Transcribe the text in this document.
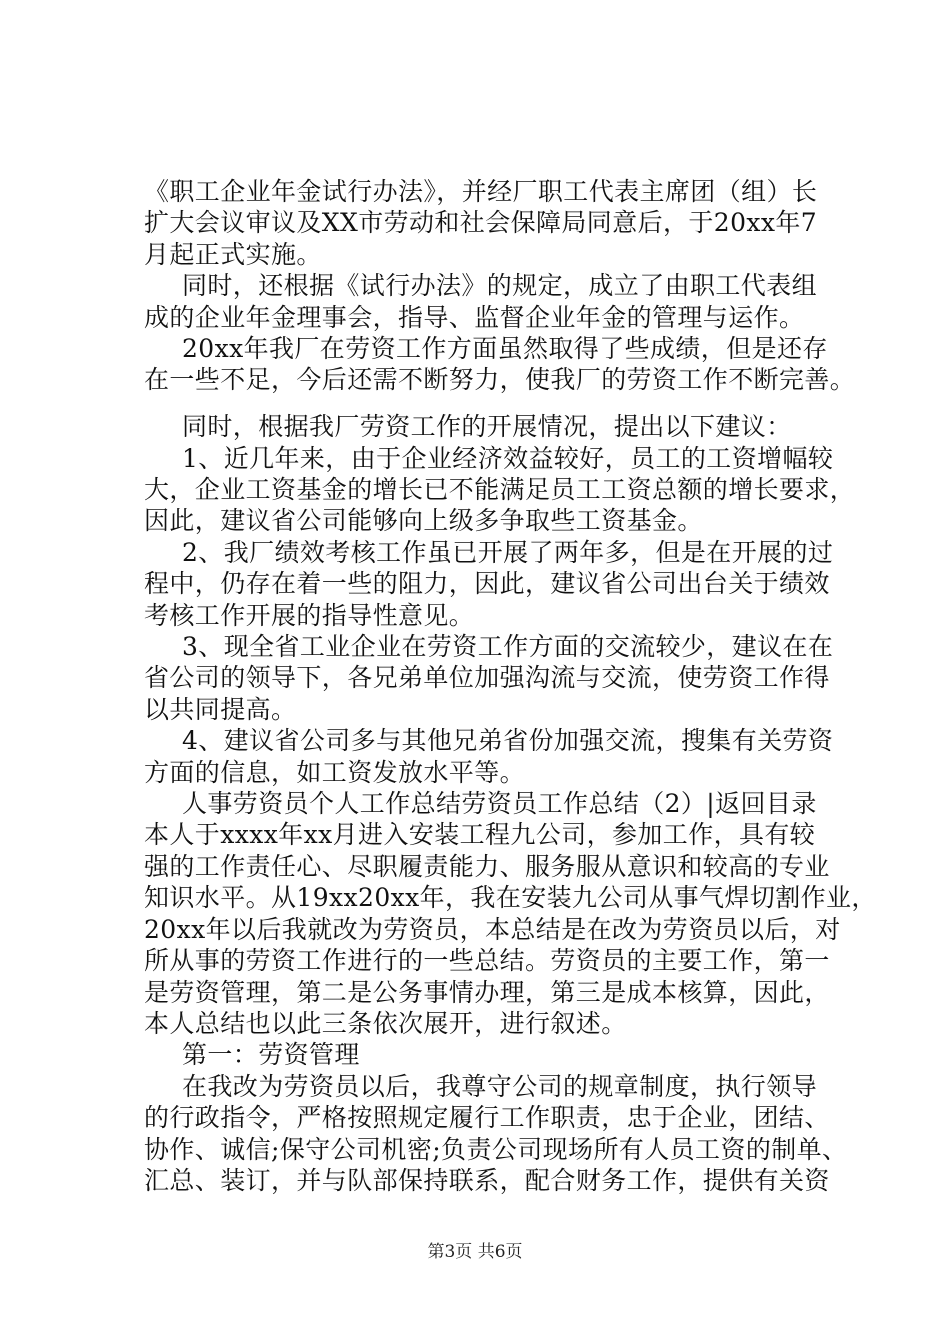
《职工企业年金试行办法》，并经厂职工代表主席团（组）长
扩大会议审议及XX市劳动和社会保障局同意后，于20xx年7
月起正式实施。
同时，还根据《试行办法》的规定，成立了由职工代表组
成的企业年金理事会，指导、监督企业年金的管理与运作。
20xx年我厂在劳资工作方面虽然取得了些成绩，但是还存
在一些不足，今后还需不断努力，使我厂的劳资工作不断完善。
同时，根据我厂劳资工作的开展情况，提出以下建议：
1、近几年来，由于企业经济效益较好，员工的工资增幅较
大，企业工资基金的增长已不能满足员工工资总额的增长要求，
因此，建议省公司能够向上级多争取些工资基金。
2、我厂绩效考核工作虽已开展了两年多，但是在开展的过
程中，仍存在着一些的阻力，因此，建议省公司出台关于绩效
考核工作开展的指导性意见。
3、现全省工业企业在劳资工作方面的交流较少，建议在在
省公司的领导下，各兄弟单位加强沟流与交流，使劳资工作得
以共同提高。
4、建议省公司多与其他兄弟省份加强交流，搜集有关劳资
方面的信息，如工资发放水平等。
人事劳资员个人工作总结劳资员工作总结（2）|返回目录
本人于xxxx年xx月进入安装工程九公司，参加工作，具有较
强的工作责任心、尽职履责能力、服务服从意识和较高的专业
知识水平。从19xx20xx年，我在安装九公司从事气焊切割作业，
20xx年以后我就改为劳资员，本总结是在改为劳资员以后，对
所从事的劳资工作进行的一些总结。劳资员的主要工作，第一
是劳资管理，第二是公务事情办理，第三是成本核算，因此，
本人总结也以此三条依次展开，进行叙述。
第一：劳资管理
在我改为劳资员以后，我尊守公司的规章制度，执行领导
的行政指令，严格按照规定履行工作职责，忠于企业，团结、
协作、诚信;保守公司机密;负责公司现场所有人员工资的制单、
汇总、装订，并与队部保持联系，配合财务工作，提供有关资
第3页 共6页
